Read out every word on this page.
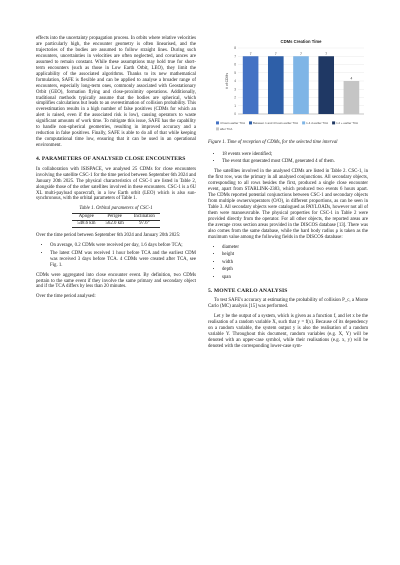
effects into the uncertainty propagation process. In orbits where relative velocities are particularly high, the encounter geometry is often linearised, and the trajectories of the bodies are assumed to follow straight lines. During such encounters, uncertainties in velocities are often neglected, and covariances are assumed to remain constant. While these assumptions may hold true for short-term encounters (such as those in Low Earth Orbit, LEO), they limit the applicability of the associated algorithms. Thanks to its new mathematical formulation, SAFE is flexible and can be applied to analyse a broader range of encounters, especially long-term ones, commonly associated with Geostationary Orbit (GEO), formation flying and close-proximity operations. Additionally, traditional methods typically assume that the bodies are spherical, which simplifies calculations but leads to an overestimation of collision probability. This overestimation results in a high number of false positives (CDMs for which an alert is raised, even if the associated risk is low), causing operators to waste significant amounts of work time. To mitigate this issue, SAFE has the capability to handle non-spherical geometries, resulting in improved accuracy and a reduction in false positives. Finally, SAFE is able to do all of that while keeping the computational time low, ensuring that it can be used in an operational environment.

4. PARAMETERS OF ANALYSED CLOSE ENCOUNTERS

In collaboration with ISISPACE, we analysed 25 CDMs for close encounters involving the satellite CSC-1 for the time period between September 6th 2024 and January 20th 2025. The physical characteristics of CSC-1 are listed in Table 2, alongside those of the other satellites involved in these encounters. CSC-1 is a 6U XL multi-payload spacecraft, in a low Earth orbit (LEO) which is also sun-synchronous, with the orbital parameters of Table 1.

Table 1. Orbital parameters of CSC-1
Apogee	Perigee	Inclination
548.6 km	562.0 km	97.6°

Over the time period between September 6th 2024 and January 20th 2025:

• On average, 0.2 CDMs were received per day, 1.6 days before TCA;
• The latest CDM was received 1 hour before TCA and the earliest CDM was received 3 days before TCA. 4 CDMs were created after TCA, see Fig. 1.

CDMs were aggregated into close encounter event. By definition, two CDMs pertain to the same event if they involve the same primary and secondary object and if the TCA differs by less than 20 minutes.

Over the time period analysed:

CDMs Creation Time
0
1
2
3
4
5
6
7
8
# of CDMs
7	7	7	7
4
4 hours earlier TCA	Between 1 and 4 hours earlier TCA	1-4 d earlier TCA	1 d + earlier TCA
after TCA

Figure 1. Time of reception of CDMs, for the selected time interval

• 18 events were identified;
• The event that generated most CDM, generated 4 of them.

The satellites involved in the analysed CDMs are listed in Table 2. CSC-1, in the first row, was the primary in all analysed conjunctions. All secondary objects, corresponding to all rows besides the first, produced a single close encounter event, apart from STARLINK-2383, which produced two events 6 hours apart. The CDMs reported potential conjunctions between CSC-1 and secondary objects from multiple owners/operators (O/O), in different proportions, as can be seen in Table 3. All secondary objects were catalogued as PAYLOADs, however not all of them were manoeuvrable. The physical properties for CSC-1 in Table 2 were provided directly from the operator. For all other objects, the reported areas are the average cross section areas provided in the DISCOS database [13]. There was also comes from the same database, while the hard body radius ρ is taken as the maximum value among the following fields in the DISCOS database:

• diameter
• height
• width
• depth
• span
5. MONTE CARLO ANALYSIS

To test SAFE's accuracy at estimating the probability of collision P_c, a Monte Carlo (MC) analysis [15] was performed.

Let y be the output of a system, which is given as a function f, and let x be the realisation of a random variable X, such that y = f(x). Because of its dependency on a random variable, the system output y is also the realisation of a random variable Y. Throughout this document, random variables (e.g. X, Y) will be denoted with an upper-case symbol, while their realisations (e.g. x, y) will be denoted with the corresponding lower-case sym-
